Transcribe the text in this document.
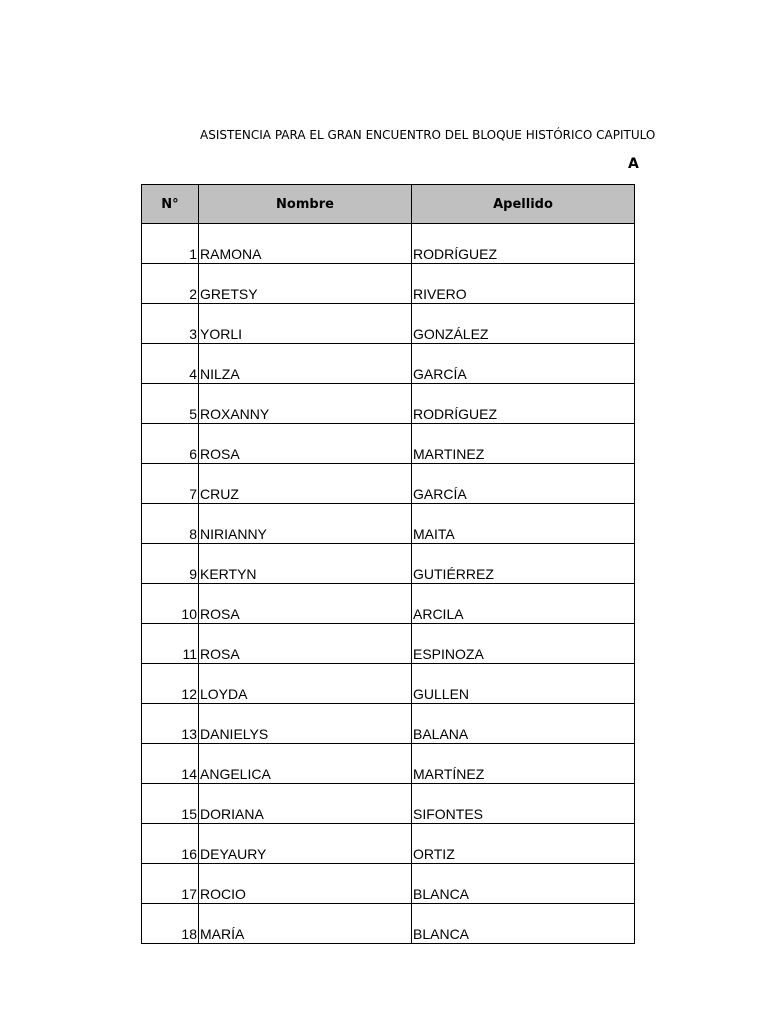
ASISTENCIA PARA EL GRAN ENCUENTRO DEL BLOQUE HISTÓRICO CAPITULO
A
N°	Nombre	Apellido
1	RAMONA	RODRÍGUEZ
2	GRETSY	RIVERO
3	YORLI	GONZÁLEZ
4	NILZA	GARCÍA
5	ROXANNY	RODRÍGUEZ
6	ROSA	MARTINEZ
7	CRUZ	GARCÍA
8	NIRIANNY	MAITA
9	KERTYN	GUTIÉRREZ
10	ROSA	ARCILA
11	ROSA	ESPINOZA
12	LOYDA	GULLEN
13	DANIELYS	BALANA
14	ANGELICA	MARTÍNEZ
15	DORIANA	SIFONTES
16	DEYAURY	ORTIZ
17	ROCIO	BLANCA
18	MARÍA	BLANCA
